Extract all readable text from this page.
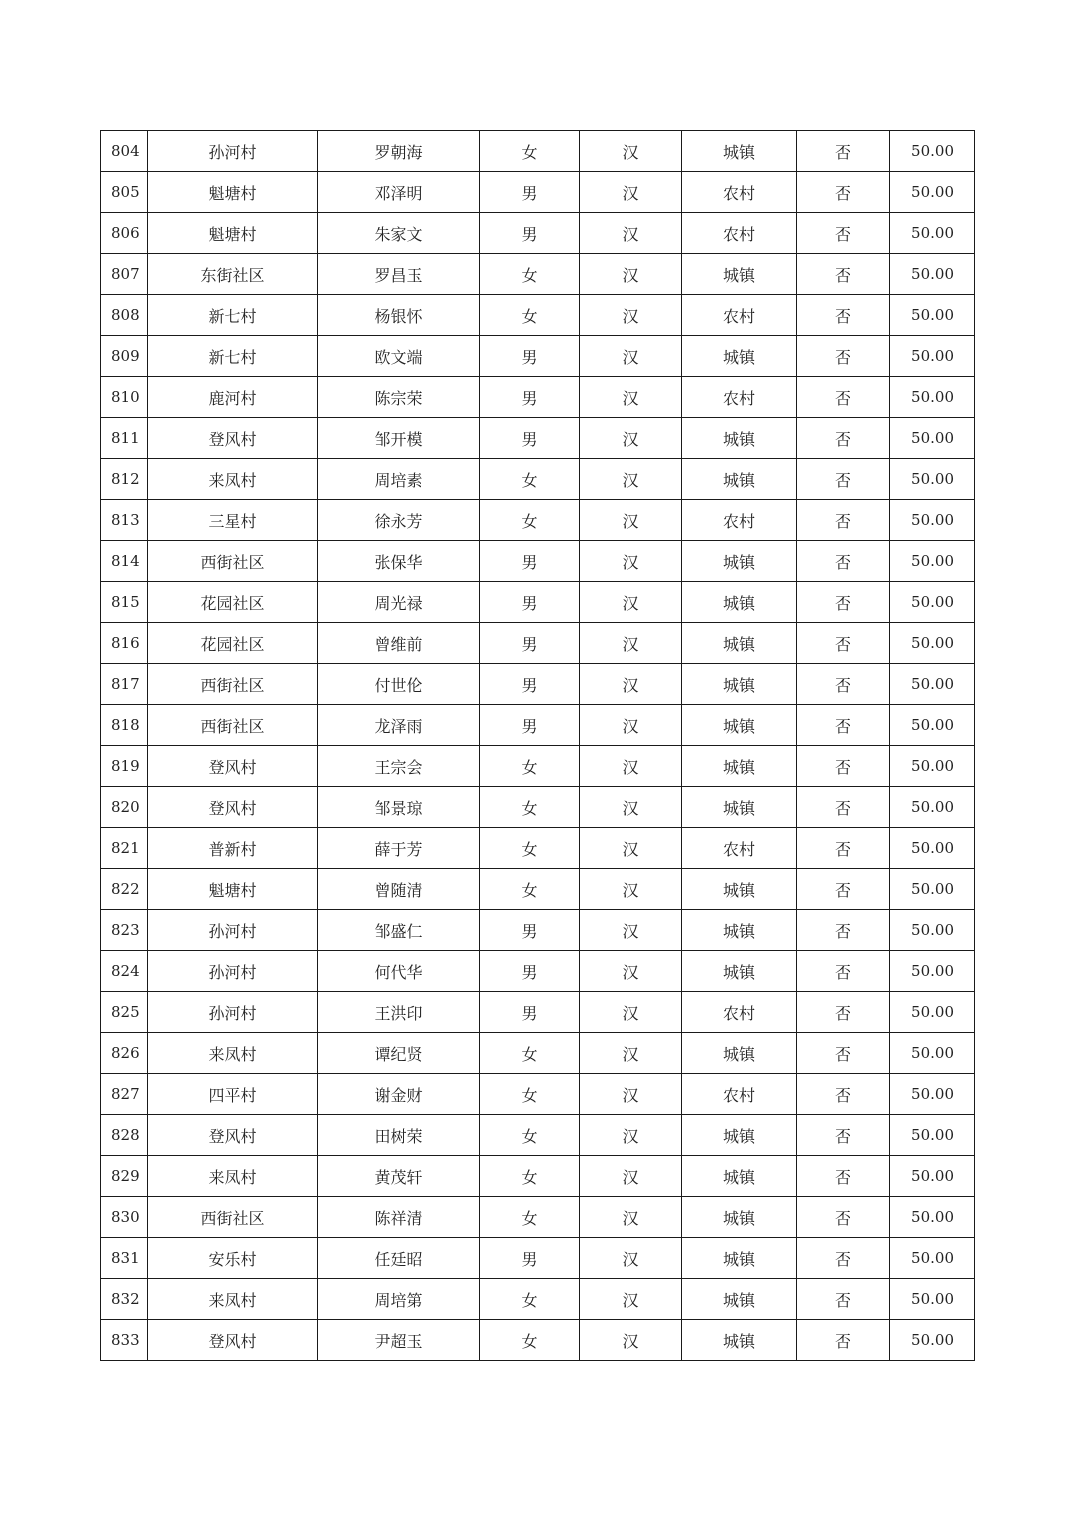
804	孙河村	罗朝海	女	汉	城镇	否	50.00
805	魁塘村	邓泽明	男	汉	农村	否	50.00
806	魁塘村	朱家文	男	汉	农村	否	50.00
807	东街社区	罗昌玉	女	汉	城镇	否	50.00
808	新七村	杨银怀	女	汉	农村	否	50.00
809	新七村	欧文端	男	汉	城镇	否	50.00
810	鹿河村	陈宗荣	男	汉	农村	否	50.00
811	登风村	邹开模	男	汉	城镇	否	50.00
812	来凤村	周培素	女	汉	城镇	否	50.00
813	三星村	徐永芳	女	汉	农村	否	50.00
814	西街社区	张保华	男	汉	城镇	否	50.00
815	花园社区	周光禄	男	汉	城镇	否	50.00
816	花园社区	曾维前	男	汉	城镇	否	50.00
817	西街社区	付世伦	男	汉	城镇	否	50.00
818	西街社区	龙泽雨	男	汉	城镇	否	50.00
819	登风村	王宗会	女	汉	城镇	否	50.00
820	登风村	邹景琼	女	汉	城镇	否	50.00
821	普新村	薛于芳	女	汉	农村	否	50.00
822	魁塘村	曾随清	女	汉	城镇	否	50.00
823	孙河村	邹盛仁	男	汉	城镇	否	50.00
824	孙河村	何代华	男	汉	城镇	否	50.00
825	孙河村	王洪印	男	汉	农村	否	50.00
826	来凤村	谭纪贤	女	汉	城镇	否	50.00
827	四平村	谢金财	女	汉	农村	否	50.00
828	登风村	田树荣	女	汉	城镇	否	50.00
829	来凤村	黄茂轩	女	汉	城镇	否	50.00
830	西街社区	陈祥清	女	汉	城镇	否	50.00
831	安乐村	任廷昭	男	汉	城镇	否	50.00
832	来凤村	周培第	女	汉	城镇	否	50.00
833	登风村	尹超玉	女	汉	城镇	否	50.00
